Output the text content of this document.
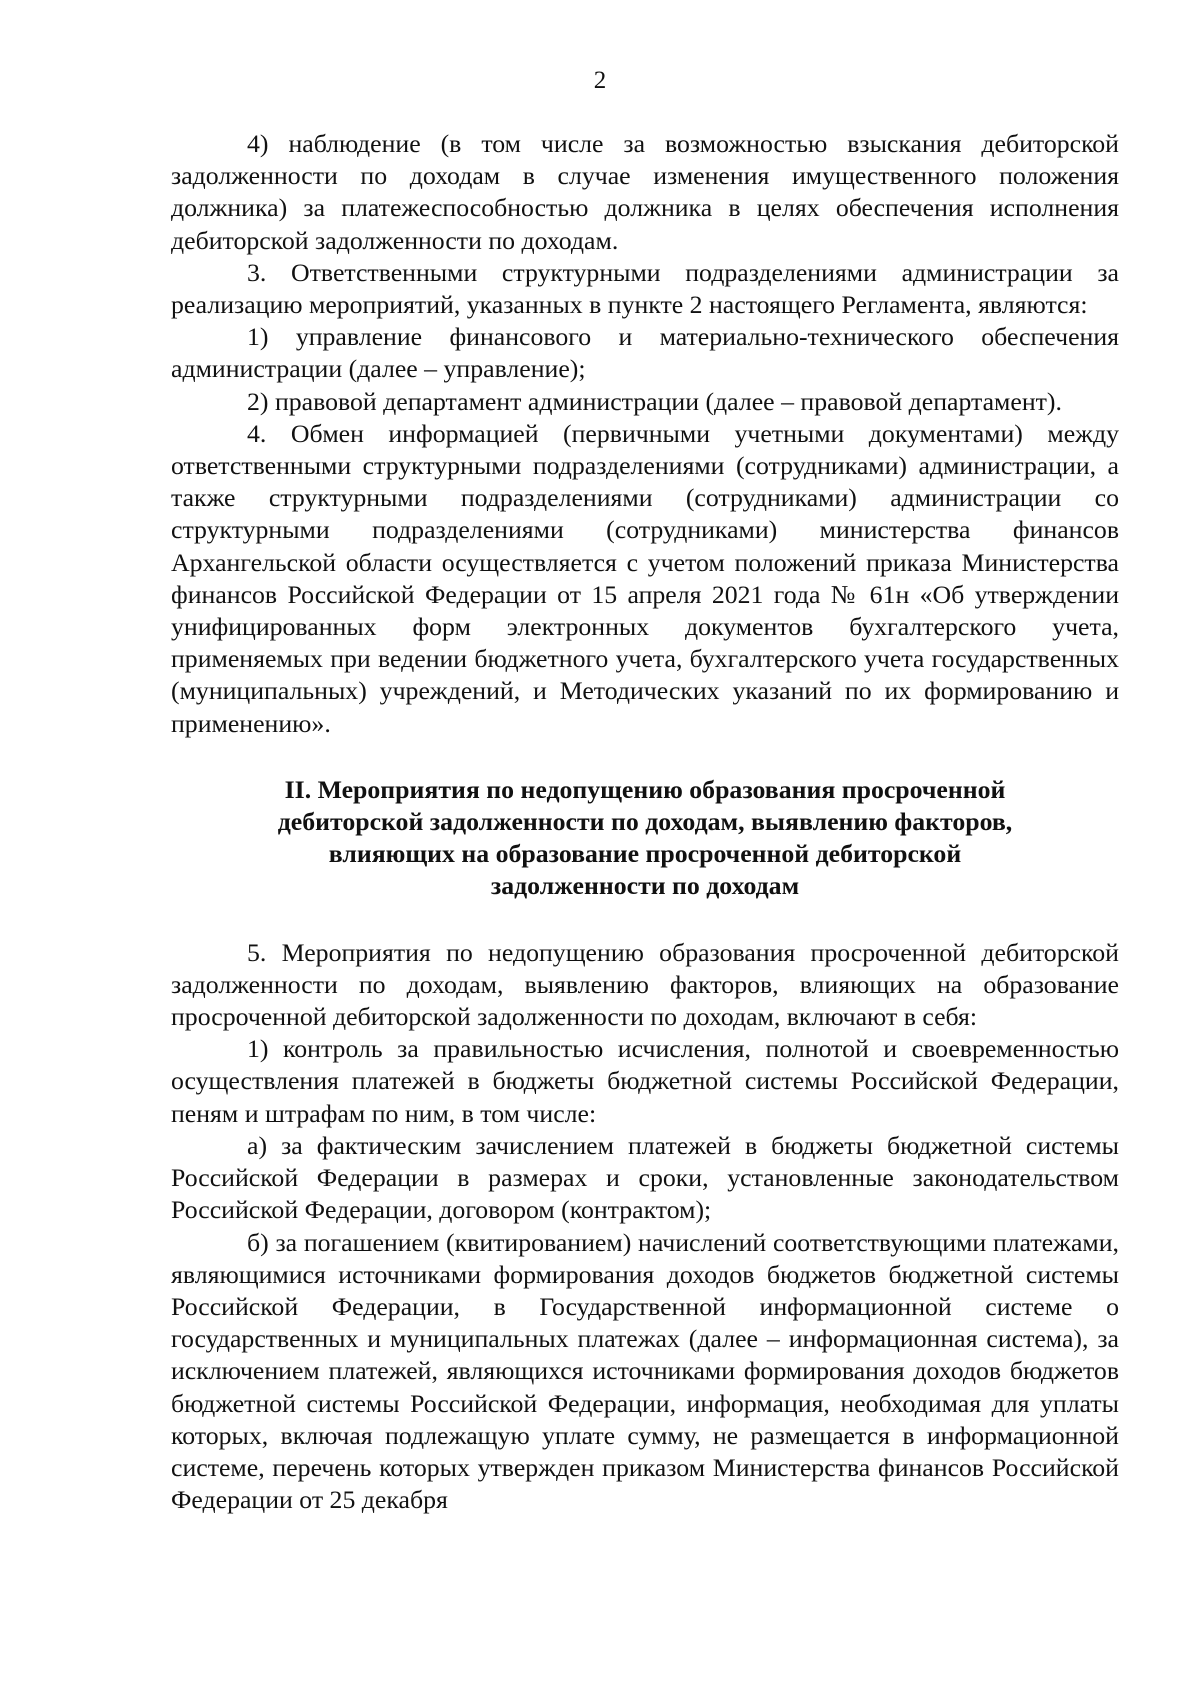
2

4) наблюдение (в том числе за возможностью взыскания дебиторской задолженности по доходам в случае изменения имущественного положения должника) за платежеспособностью должника в целях обеспечения исполнения дебиторской задолженности по доходам.

3. Ответственными структурными подразделениями администрации за реализацию мероприятий, указанных в пункте 2 настоящего Регламента, являются:

1) управление финансового и материально-технического обеспечения администрации (далее – управление);

2) правовой департамент администрации (далее – правовой департамент).

4. Обмен информацией (первичными учетными документами) между ответственными структурными подразделениями (сотрудниками) администрации, а также структурными подразделениями (сотрудниками) администрации со структурными подразделениями (сотрудниками) министерства финансов Архангельской области осуществляется с учетом положений приказа Министерства финансов Российской Федерации от 15 апреля 2021 года № 61н «Об утверждении унифицированных форм электронных документов бухгалтерского учета, применяемых при ведении бюджетного учета, бухгалтерского учета государственных (муниципальных) учреждений, и Методических указаний по их формированию и применению».

II. Мероприятия по недопущению образования просроченной
дебиторской задолженности по доходам, выявлению факторов,
влияющих на образование просроченной дебиторской
задолженности по доходам

5. Мероприятия по недопущению образования просроченной дебиторской задолженности по доходам, выявлению факторов, влияющих на образование просроченной дебиторской задолженности по доходам, включают в себя:

1) контроль за правильностью исчисления, полнотой и своевременностью осуществления платежей в бюджеты бюджетной системы Российской Федерации, пеням и штрафам по ним, в том числе:

а) за фактическим зачислением платежей в бюджеты бюджетной системы Российской Федерации в размерах и сроки, установленные законодательством Российской Федерации, договором (контрактом);

б) за погашением (квитированием) начислений соответствующими платежами, являющимися источниками формирования доходов бюджетов бюджетной системы Российской Федерации, в Государственной информационной системе о государственных и муниципальных платежах (далее – информационная система), за исключением платежей, являющихся источниками формирования доходов бюджетов бюджетной системы Российской Федерации, информация, необходимая для уплаты которых, включая подлежащую уплате сумму, не размещается в информационной системе, перечень которых утвержден приказом Министерства финансов Российской Федерации от 25 декабря
